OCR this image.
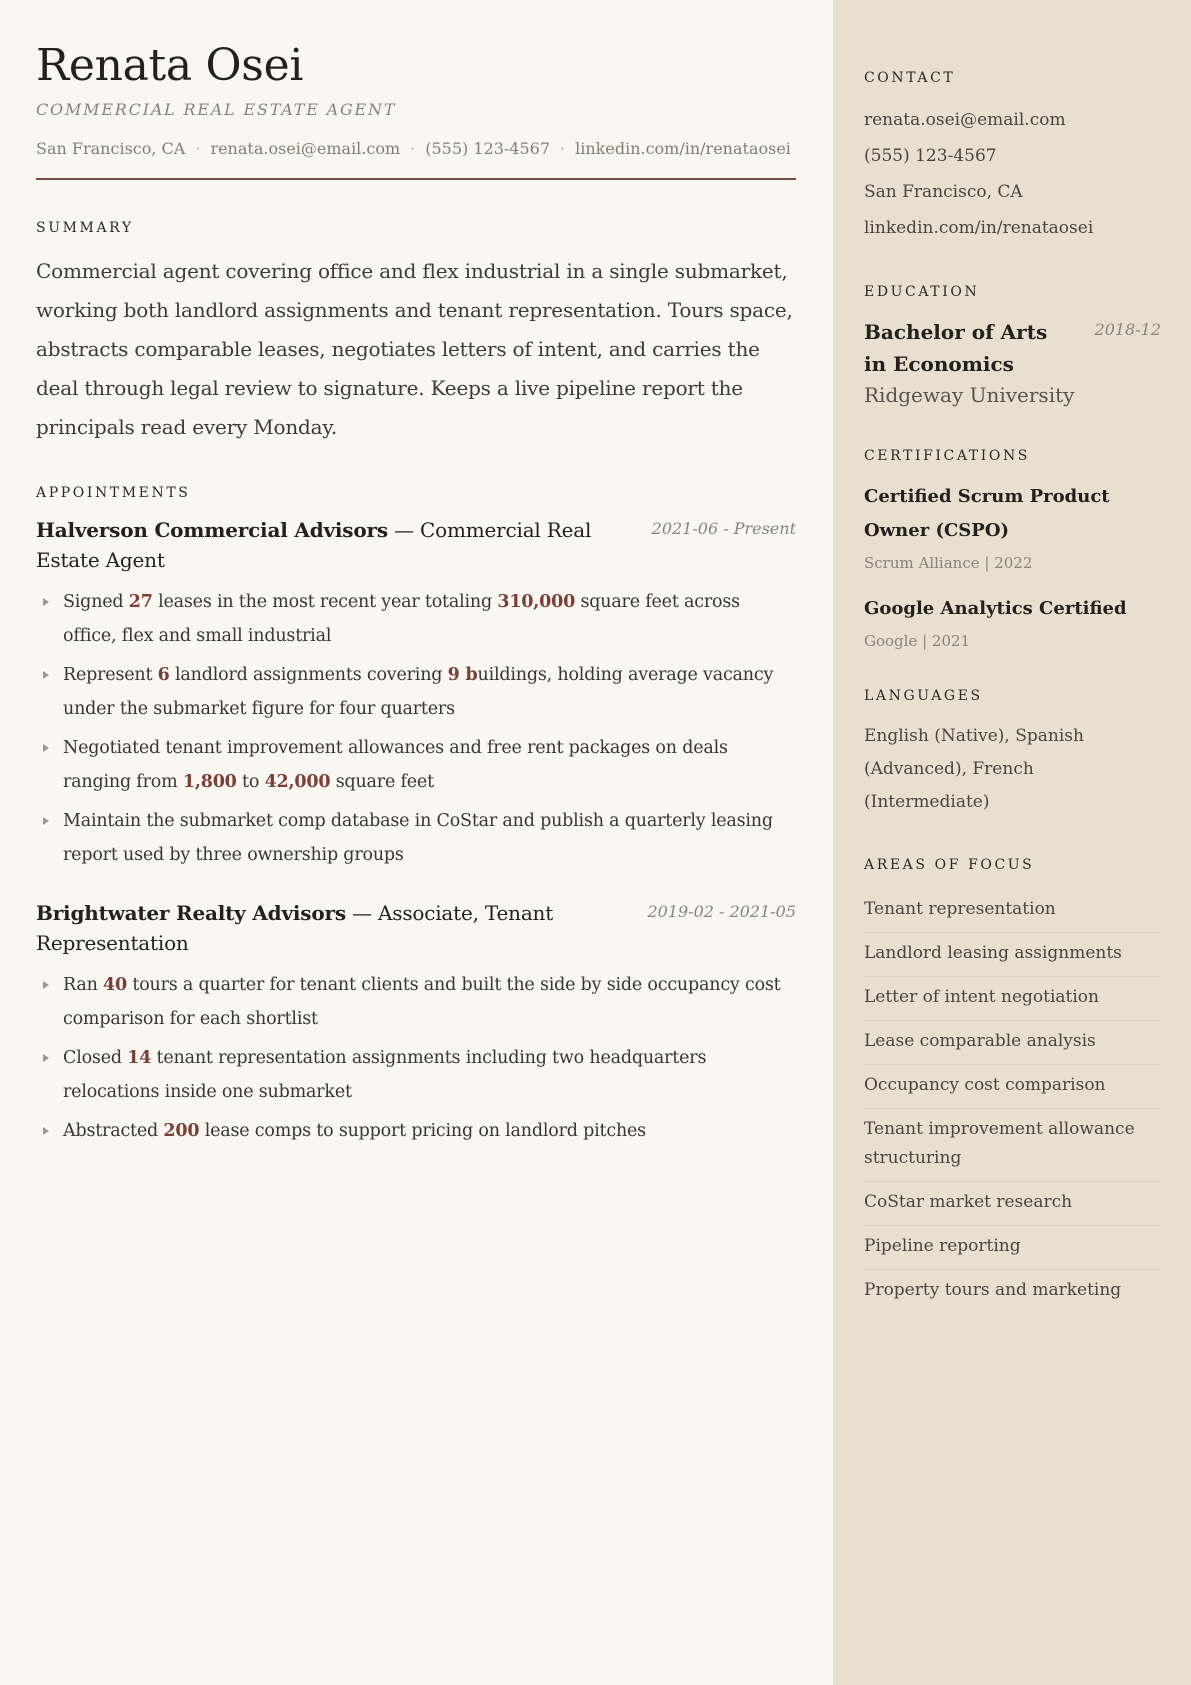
Renata Osei
COMMERCIAL REAL ESTATE AGENT
San Francisco, CA · renata.osei@email.com · (555) 123-4567 · linkedin.com/in/renataosei
SUMMARY

Commercial agent covering office and flex industrial in a single submarket, working both landlord assignments and tenant representation. Tours space, abstracts comparable leases, negotiates letters of intent, and carries the deal through legal review to signature. Keeps a live pipeline report the principals read every Monday.

APPOINTMENTS
Halverson Commercial Advisors — Commercial Real Estate Agent
2021-06 - Present
Signed 27 leases in the most recent year totaling 310,000 square feet across office, flex and small industrial
Represent 6 landlord assignments covering 9 buildings, holding average vacancy under the submarket figure for four quarters
Negotiated tenant improvement allowances and free rent packages on deals ranging from 1,800 to 42,000 square feet
Maintain the submarket comp database in CoStar and publish a quarterly leasing report used by three ownership groups
Brightwater Realty Advisors — Associate, Tenant Representation
2019-02 - 2021-05
Ran 40 tours a quarter for tenant clients and built the side by side occupancy cost comparison for each shortlist
Closed 14 tenant representation assignments including two headquarters relocations inside one submarket
Abstracted 200 lease comps to support pricing on landlord pitches
CONTACT
renata.osei@email.com
(555) 123-4567
San Francisco, CA
linkedin.com/in/renataosei
EDUCATION
Bachelor of Arts in Economics
2018-12
Ridgeway University
CERTIFICATIONS
Certified Scrum Product Owner (CSPO)
Scrum Alliance | 2022
Google Analytics Certified
Google | 2021
LANGUAGES
English (Native), Spanish (Advanced), French (Intermediate)
AREAS OF FOCUS
Tenant representation
Landlord leasing assignments
Letter of intent negotiation
Lease comparable analysis
Occupancy cost comparison
Tenant improvement allowance structuring
CoStar market research
Pipeline reporting
Property tours and marketing
